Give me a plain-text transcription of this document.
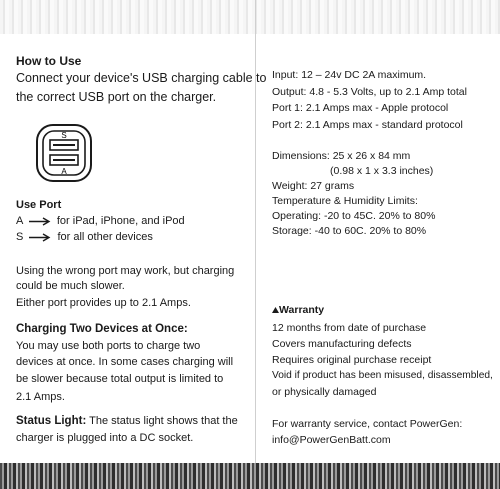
How to Use
Connect your device's USB charging cable to
the correct USB port on the charger.
S
A
Use Port
A	for iPad, iPhone, and iPod
S	for all other devices
Using the wrong port may work, but charging
could be much slower.
Either port provides up to 2.1 Amps.
Charging Two Devices at Once:
You may use both ports to charge two
devices at once. In some cases charging will
be slower because total output is limited to
2.1 Amps.
Status Light: The status light shows that the
charger is plugged into a DC socket.
Input: 12 – 24v DC 2A maximum.
Output: 4.8 - 5.3 Volts, up to 2.1 Amp total
Port 1: 2.1 Amps max - Apple protocol
Port 2: 2.1 Amps max - standard protocol
Dimensions: 25 x 26 x 84 mm
(0.98 x 1 x 3.3 inches)
Weight: 27 grams
Temperature & Humidity Limits:
Operating: -20 to 45C. 20% to 80%
Storage: -40 to 60C. 20% to 80%
Warranty
12 months from date of purchase
Covers manufacturing defects
Requires original purchase receipt
Void if product has been misused, disassembled,
or physically damaged
For warranty service, contact PowerGen:
info@PowerGenBatt.com
